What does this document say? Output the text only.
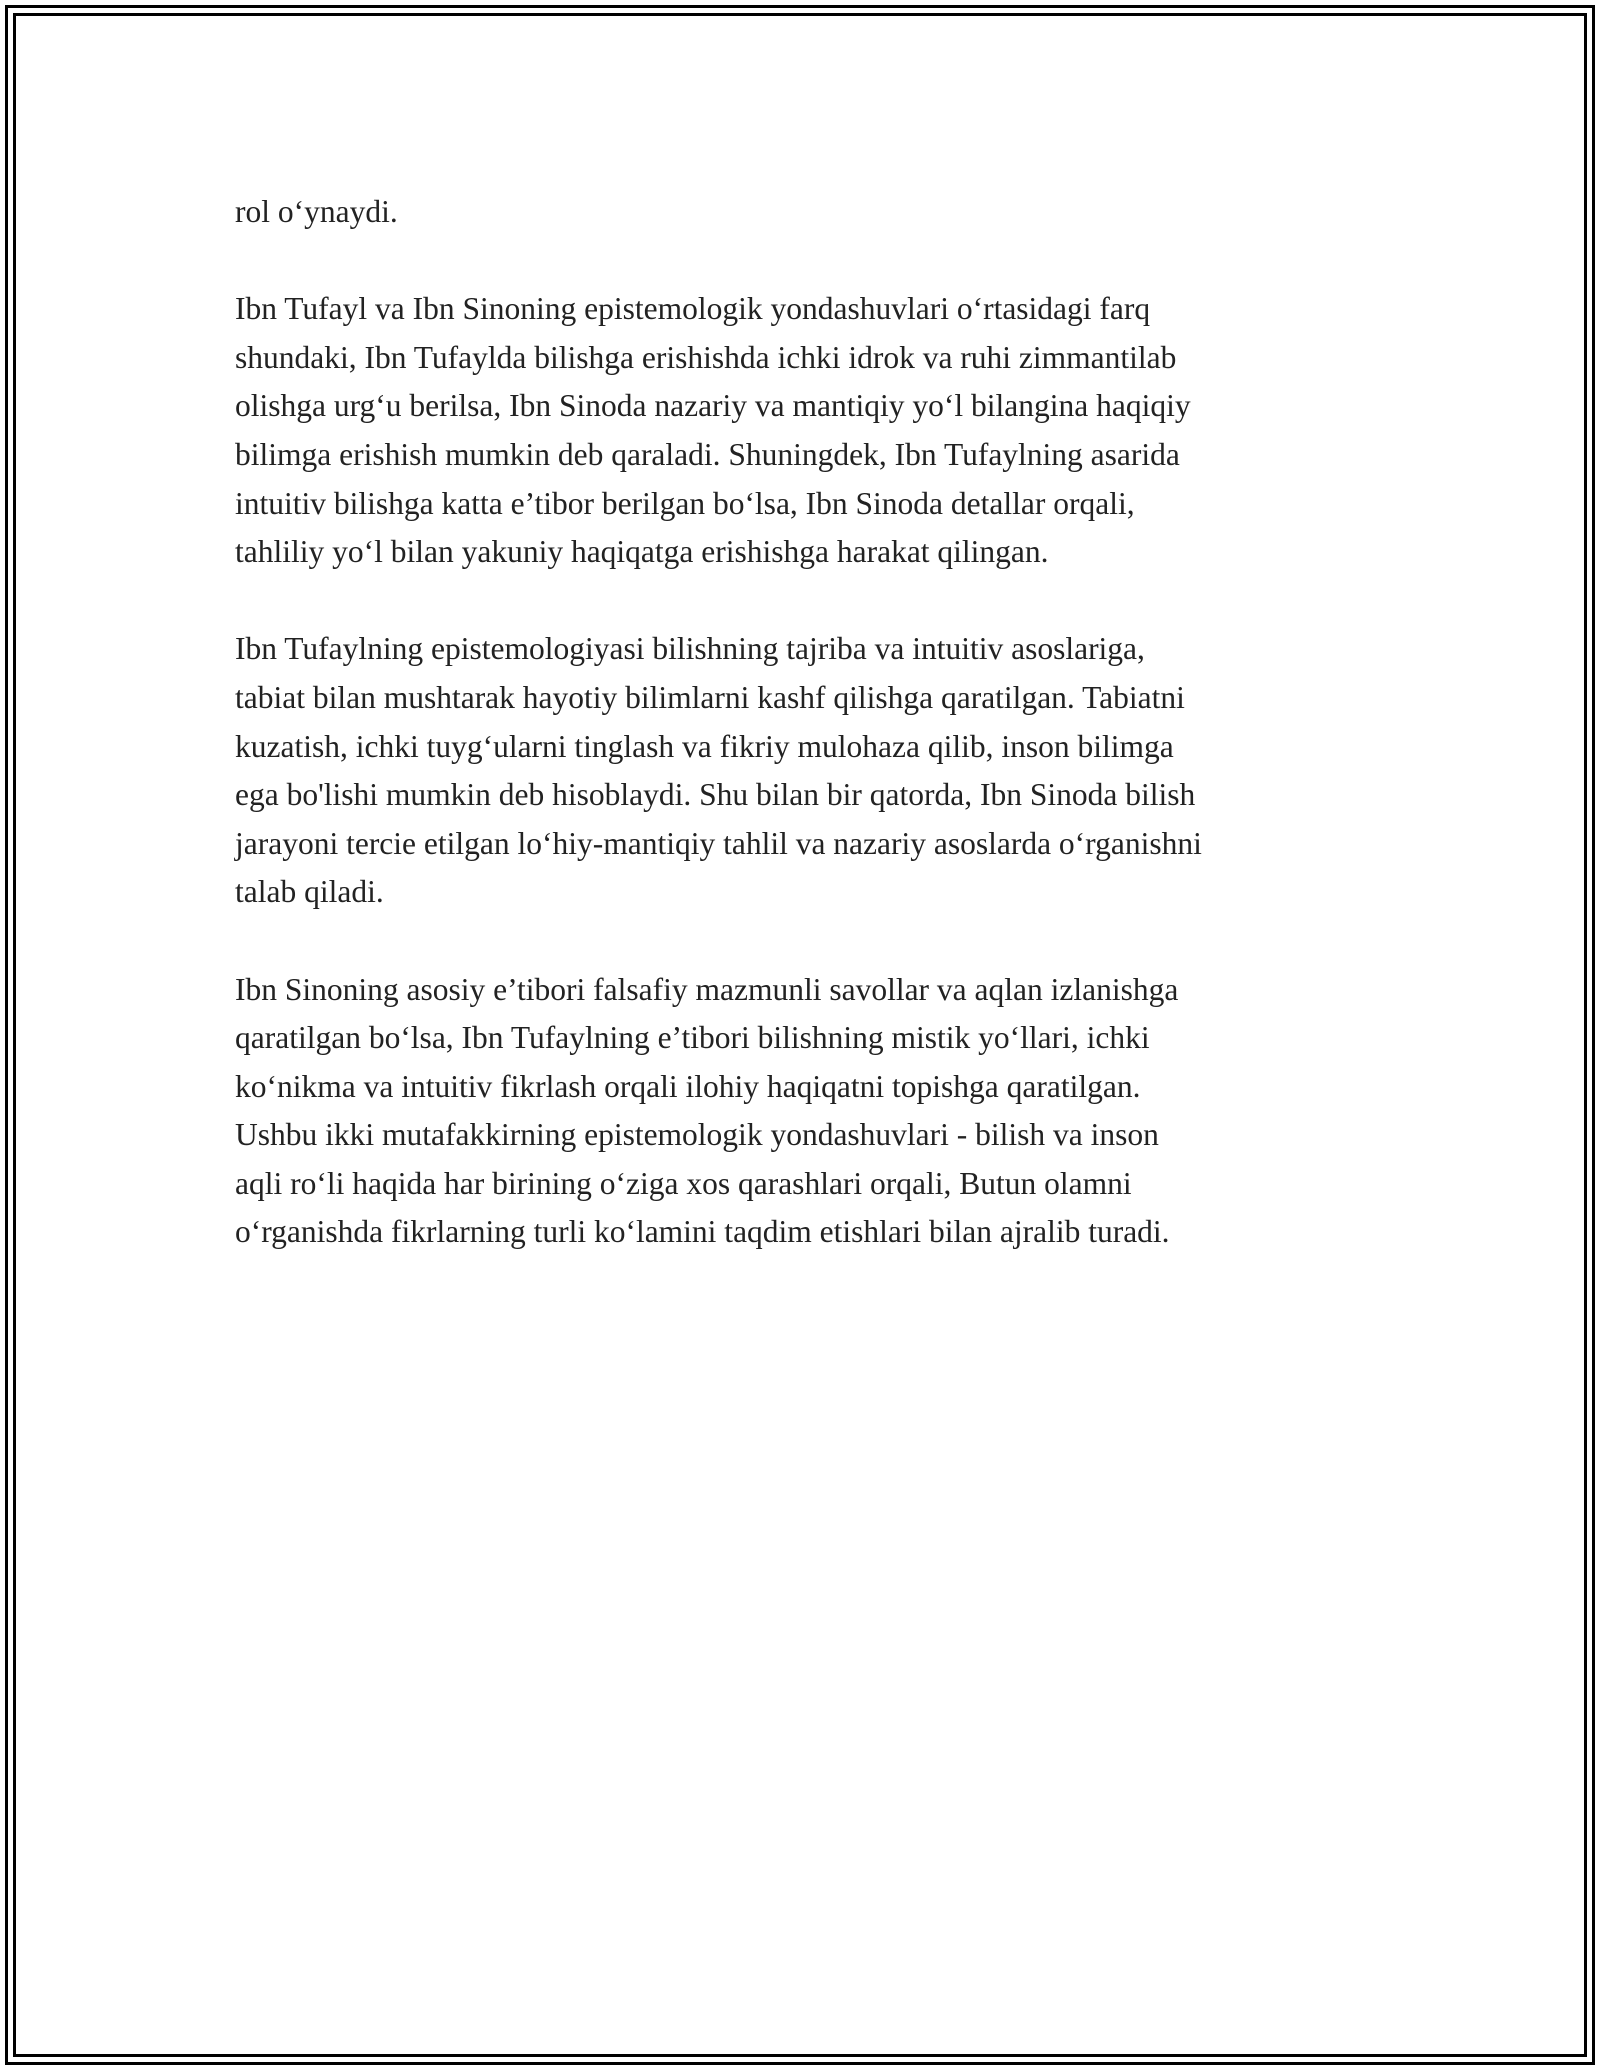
rol o‘ynaydi.

Ibn Tufayl va Ibn Sinoning epistemologik yondashuvlari o‘rtasidagi farq

shundaki, Ibn Tufaylda bilishga erishishda ichki idrok va ruhi zimmantilab

olishga urg‘u berilsa, Ibn Sinoda nazariy va mantiqiy yo‘l bilangina haqiqiy

bilimga erishish mumkin deb qaraladi. Shuningdek, Ibn Tufaylning asarida

intuitiv bilishga katta e’tibor berilgan bo‘lsa, Ibn Sinoda detallar orqali,

tahliliy yo‘l bilan yakuniy haqiqatga erishishga harakat qilingan.

Ibn Tufaylning epistemologiyasi bilishning tajriba va intuitiv asoslariga,

tabiat bilan mushtarak hayotiy bilimlarni kashf qilishga qaratilgan. Tabiatni

kuzatish, ichki tuyg‘ularni tinglash va fikriy mulohaza qilib, inson bilimga

ega bo'lishi mumkin deb hisoblaydi. Shu bilan bir qatorda, Ibn Sinoda bilish

jarayoni tercie etilgan lo‘hiy-mantiqiy tahlil va nazariy asoslarda o‘rganishni

talab qiladi.

Ibn Sinoning asosiy e’tibori falsafiy mazmunli savollar va aqlan izlanishga

qaratilgan bo‘lsa, Ibn Tufaylning e’tibori bilishning mistik yo‘llari, ichki

ko‘nikma va intuitiv fikrlash orqali ilohiy haqiqatni topishga qaratilgan.

Ushbu ikki mutafakkirning epistemologik yondashuvlari - bilish va inson

aqli ro‘li haqida har birining o‘ziga xos qarashlari orqali, Butun olamni

o‘rganishda fikrlarning turli ko‘lamini taqdim etishlari bilan ajralib turadi.
